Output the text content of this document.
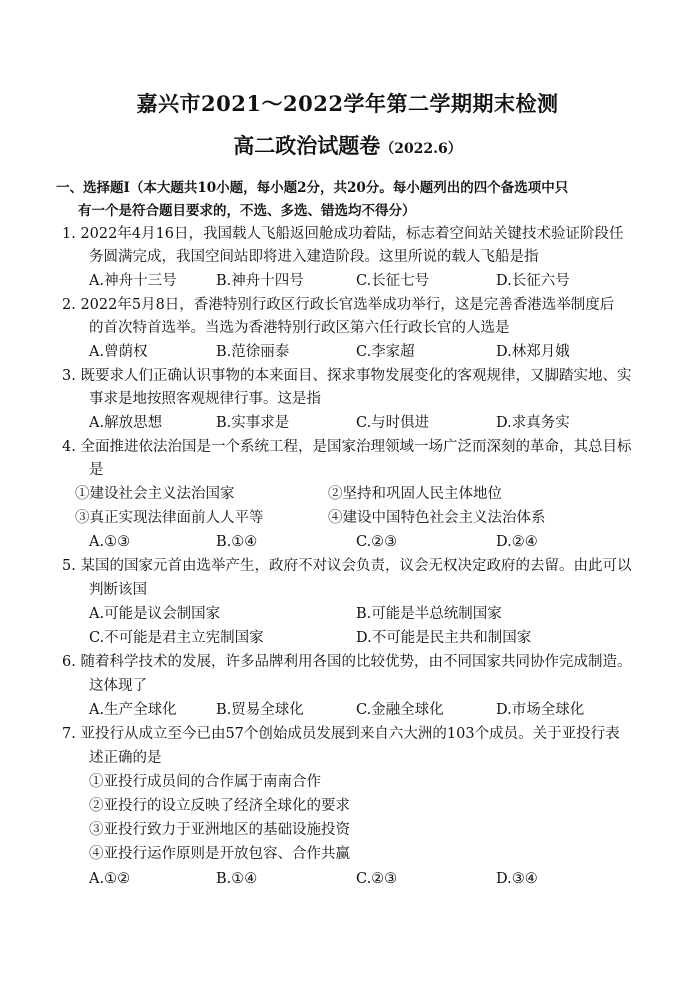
嘉兴市2021～2022学年第二学期期末检测
高二政治试题卷（2022.6）
一、选择题Ⅰ（本大题共10小题，每小题2分，共20分。每小题列出的四个备选项中只
有一个是符合题目要求的，不选、多选、错选均不得分）
1. 2022年4月16日，我国载人飞船返回舱成功着陆，标志着空间站关键技术验证阶段任
务圆满完成，我国空间站即将进入建造阶段。这里所说的载人飞船是指
A.神舟十三号	B.神舟十四号	C.长征七号	D.长征六号
2. 2022年5月8日，香港特别行政区行政长官选举成功举行，这是完善香港选举制度后
的首次特首选举。当选为香港特别行政区第六任行政长官的人选是
A.曾荫权	B.范徐丽泰	C.李家超	D.林郑月娥
3. 既要求人们正确认识事物的本来面目、探求事物发展变化的客观规律，又脚踏实地、实
事求是地按照客观规律行事。这是指
A.解放思想	B.实事求是	C.与时俱进	D.求真务实
4. 全面推进依法治国是一个系统工程，是国家治理领域一场广泛而深刻的革命，其总目标
是
①建设社会主义法治国家	②坚持和巩固人民主体地位
③真正实现法律面前人人平等	④建设中国特色社会主义法治体系
A.①③	B.①④	C.②③	D.②④
5. 某国的国家元首由选举产生，政府不对议会负责，议会无权决定政府的去留。由此可以
判断该国
A.可能是议会制国家	B.可能是半总统制国家
C.不可能是君主立宪制国家	D.不可能是民主共和制国家
6. 随着科学技术的发展，许多品牌利用各国的比较优势，由不同国家共同协作完成制造。
这体现了
A.生产全球化	B.贸易全球化	C.金融全球化	D.市场全球化
7. 亚投行从成立至今已由57个创始成员发展到来自六大洲的103个成员。关于亚投行表
述正确的是
①亚投行成员间的合作属于南南合作
②亚投行的设立反映了经济全球化的要求
③亚投行致力于亚洲地区的基础设施投资
④亚投行运作原则是开放包容、合作共赢
A.①②	B.①④	C.②③	D.③④
